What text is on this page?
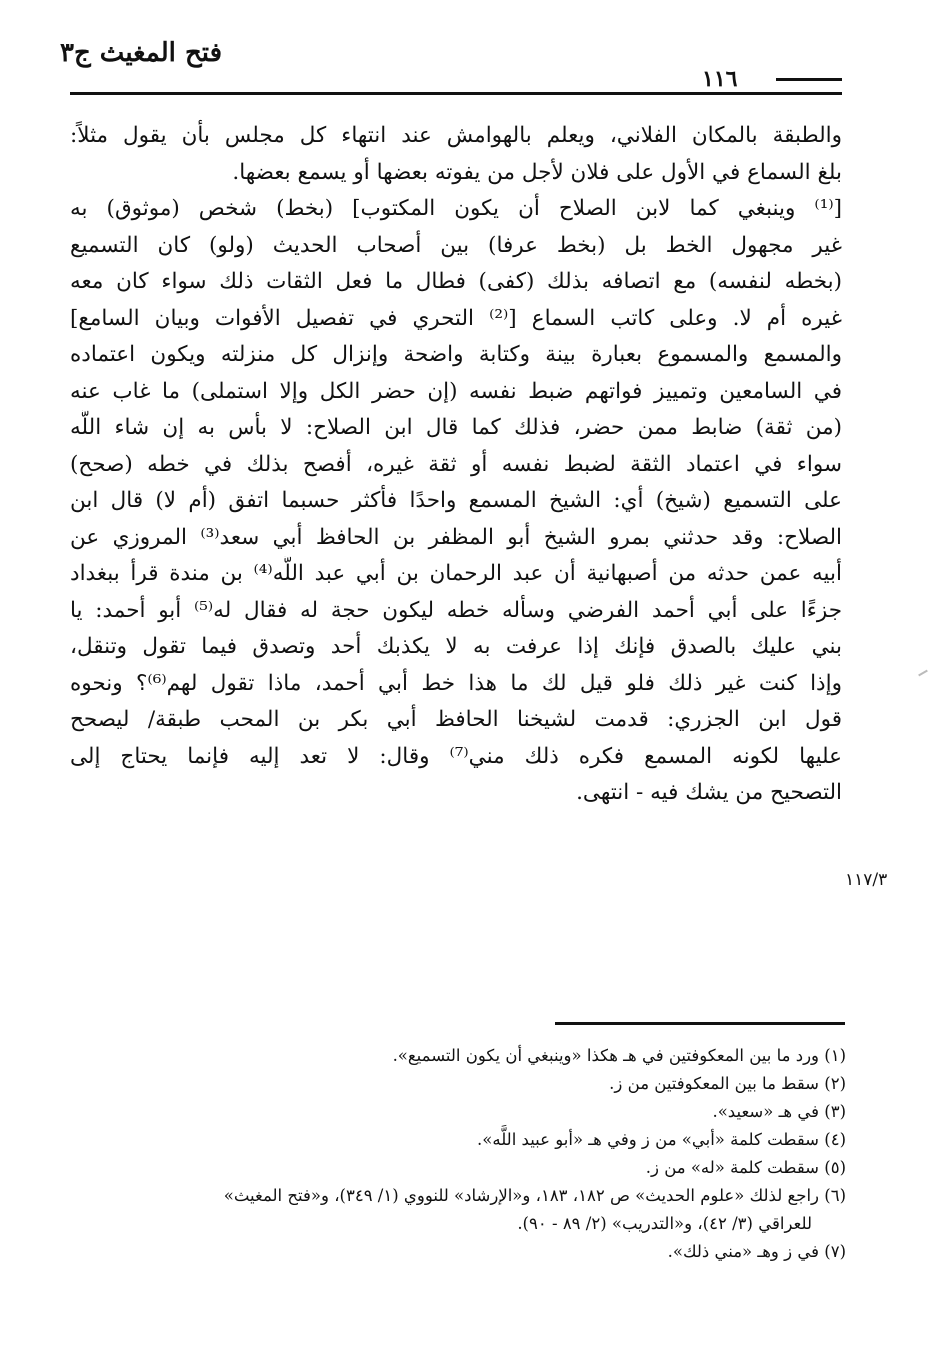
فتح المغيث ج٣
١١٦
والطبقة بالمكان الفلاني، ويعلم بالهوامش عند انتهاء كل مجلس بأن يقول مثلاً:
بلغ السماع في الأول على فلان لأجل من يفوته بعضها أو يسمع بعضها.
[⁽¹⁾ وينبغي كما لابن الصلاح أن يكون المكتوب] (بخط) شخص (موثوق) به
غير مجهول الخط بل (بخط عرفا) بين أصحاب الحديث (ولو) كان التسميع
(بخطه لنفسه) مع اتصافه بذلك (كفى) فطال ما فعل الثقات ذلك سواء كان معه
غيره أم لا. وعلى كاتب السماع [⁽²⁾ التحري في تفصيل الأفوات وبيان السامع]
والمسمع والمسموع بعبارة بينة وكتابة واضحة وإنزال كل منزلته ويكون اعتماده
في السامعين وتمييز فواتهم ضبط نفسه (إن حضر الكل وإلا استملى) ما غاب عنه
(من ثقة) ضابط ممن حضر، فذلك كما قال ابن الصلاح: لا بأس به إن شاء اللَّه
سواء في اعتماد الثقة لضبط نفسه أو ثقة غيره، أفصح بذلك في خطه (صحح)
على التسميع (شيخ) أي: الشيخ المسمع واحدًا فأكثر حسبما اتفق (أم لا) قال ابن
الصلاح: وقد حدثني بمرو الشيخ أبو المظفر بن الحافظ أبي سعد⁽³⁾ المروزي عن
أبيه عمن حدثه من أصبهانية أن عبد الرحمان بن أبي عبد اللَّه⁽⁴⁾ بن مندة قرأ ببغداد
جزءًا على أبي أحمد الفرضي وسأله خطه ليكون حجة له فقال له⁽⁵⁾ أبو أحمد: يا
بني عليك بالصدق فإنك إذا عرفت به لا يكذبك أحد وتصدق فيما تقول وتنقل،
وإذا كنت غير ذلك فلو قيل لك ما هذا خط أبي أحمد، ماذا تقول لهم⁽⁶⁾؟ ونحوه
قول ابن الجزري: قدمت لشيخنا الحافظ أبي بكر بن المحب طبقة/ ليصحح
عليها لكونه المسمع فكره ذلك مني⁽⁷⁾ وقال: لا تعد إليه فإنما يحتاج إلى
التصحيح من يشك فيه - انتهى.
١١٧/٣
(١) ورد ما بين المعكوفتين في هـ هكذا «وينبغي أن يكون التسميع».
(٢) سقط ما بين المعكوفتين من ز.
(٣) في هـ «سعيد».
(٤) سقطت كلمة «أبي» من ز وفي هـ «أبو عبيد اللَّه».
(٥) سقطت كلمة «له» من ز.
(٦) راجع لذلك «علوم الحديث» ص ١٨٢، ١٨٣، و«الإرشاد» للنووي (١/ ٣٤٩)، و«فتح المغيث»
للعراقي (٣/ ٤٢)، و«التدريب» (٢/ ٨٩ - ٩٠).
(٧) في ز وهـ «مني ذلك».
